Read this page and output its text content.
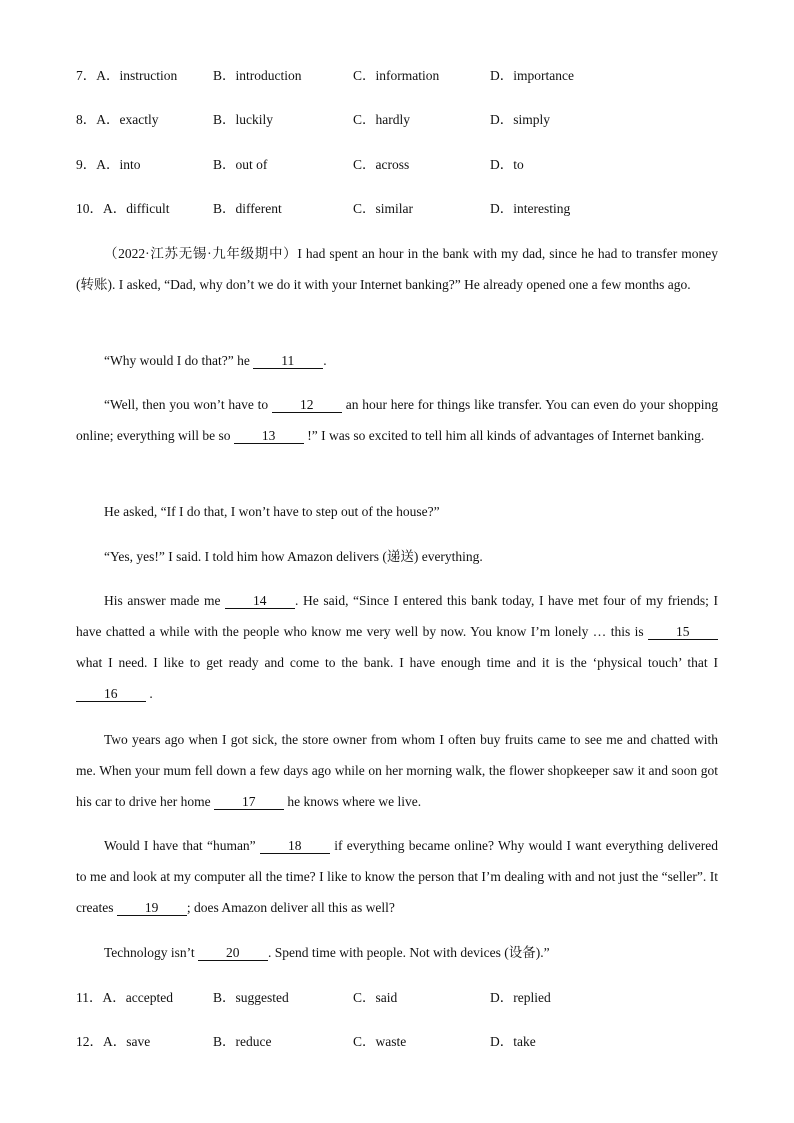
7．A．instruction	B．introduction	C．information	D．importance
8．A．exactly	B．luckily	C．hardly	D．simply
9．A．into	B．out of	C．across	D．to
10．A．difficult	B．different	C．similar	D．interesting

（2022·江苏无锡·九年级期中）I had spent an hour in the bank with my dad, since he had to transfer money (转账). I asked, “Dad, why don’t we do it with your Internet banking?” He already opened one a few months ago.

“Why would I do that?” he 11 .

“Well, then you won’t have to 12 an hour here for things like transfer. You can even do your shopping online; everything will be so 13 !” I was so excited to tell him all kinds of advantages of Internet banking.

He asked, “If I do that, I won’t have to step out of the house?”

“Yes, yes!” I said. I told him how Amazon delivers (递送) everything.

His answer made me 14 . He said, “Since I entered this bank today, I have met four of my friends; I have chatted a while with the people who know me very well by now. You know I’m lonely … this is 15 what I need. I like to get ready and come to the bank. I have enough time and it is the ‘physical touch’ that I 16 .

Two years ago when I got sick, the store owner from whom I often buy fruits came to see me and chatted with me. When your mum fell down a few days ago while on her morning walk, the flower shopkeeper saw it and soon got his car to drive her home 17 he knows where we live.

Would I have that “human” 18 if everything became online? Why would I want everything delivered to me and look at my computer all the time? I like to know the person that I’m dealing with and not just the “seller”. It creates 19 ; does Amazon deliver all this as well?

Technology isn’t 20 . Spend time with people. Not with devices (设备).”

11．A．accepted	B．suggested	C．said	D．replied
12．A．save	B．reduce	C．waste	D．take
